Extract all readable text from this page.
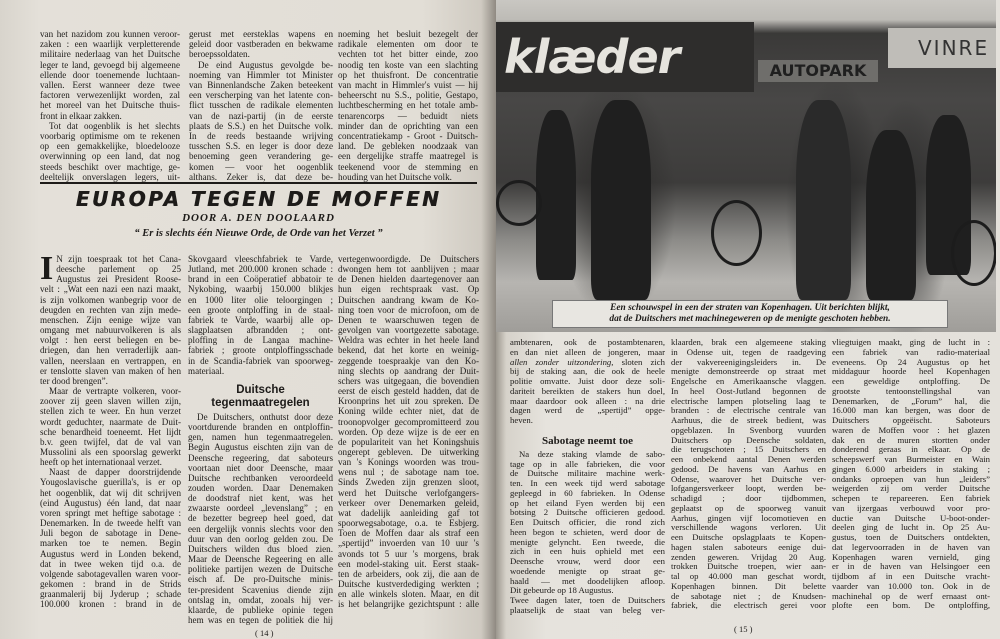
van het nazidom zou kunnen veroor-
zaken : een waarlijk verpletterende
militaire nederlaag van het Duitsche
leger te land, gevoegd bij algemeene
ellende door toenemende luchtaan-
vallen. Eerst wanneer deze twee
factoren verwezenlijkt worden, zal
het moreel van het Duitsche thuis-
front in elkaar zakken.
Tot dat oogenblik is het slechts
voorbarig optimisme om te rekenen
op een gemakkelijke, bloedelooze
overwinning op een land, dat nog
steeds beschikt over machtige, ge-
deeltelijk onverslagen legers, uit-
gerust met eersteklas wapens en
geleid door vastberaden en bekwame
beroepssoldaten.
De eind Augustus gevolgde be-
noeming van Himmler tot Minister
van Binnenlandsche Zaken beteekent
een verscherping van het latente con-
flict tusschen de radikale elementen
van de nazi-partij (in de eerste
plaats de S.S.) en het Duitsche volk.
In de reeds bestaande wrijving
tusschen S.S. en leger is door deze
benoeming geen verandering ge-
komen — voor het oogenblik
althans. Zeker is, dat deze be-
noeming het besluit bezegelt der
radikale elementen om door te
vechten tot het bitter einde, zoo
noodig ten koste van een slachting
op het thuisfront. De concentratie
van macht in Himmler's vuist — hij
beheerscht nu S.S., politie, Gestapo,
luchtbescherming en het totale amb-
tenarencorps — beduidt niets
minder dan de oprichting van een
concentratiekamp - Groot - Duitsch-
land. De gebleken noodzaak van
een dergelijke straffe maatregel is
teekenend voor de stemming en
houding van het Duitsche volk.
EUROPA TEGEN DE MOFFEN
DOOR A. DEN DOOLAARD
“ Er is slechts één Nieuwe Orde, de Orde van het Verzet ”
I N zijn toespraak tot het Cana-
deesche parlement op 25
Augustus zei President Roose-
velt : „Wat een nazi een nazi maakt,
is zijn volkomen wanbegrip voor de
deugden en rechten van zijn mede-
menschen. Zijn eenige wijze van
omgang met nabuurvolkeren is als
volgt : hen eerst beliegen en be-
driegen, dan hen verraderlijk aan-
vallen, neerslaan en vertrappen, en
er tenslotte slaven van maken of hen
ter dood brengen”.
Maar de vertrapte volkeren, voor-
zoover zij geen slaven willen zijn,
stellen zich te weer. En hun verzet
wordt geduchter, naarmate de Duit-
sche benardheid toeneemt. Het lijdt
b.v. geen twijfel, dat de val van
Mussolini als een spoorslag gewerkt
heeft op het internationaal verzet.
Naast de dapper doorstrijdende
Yougoslavische guerilla's, is er op
het oogenblik, dat wij dit schrijven
(eind Augustus) één land, dat naar
voren springt met heftige sabotage :
Denemarken. In de tweede helft van
Juli begon de sabotage in Dene-
marken toe te nemen. Begin
Augustus werd in Londen bekend,
dat in twee weken tijd o.a. de
volgende sabotagevallen waren voor-
gekomen : brand in de Strids
graanmalerij bij Jyderup ; schade
100.000 kronen : brand in de
Skovgaard vleeschfabriek te Varde,
Jutland, met 200.000 kronen schade :
brand in een Coöperatief abbatoir te
Nykobing, waarbij 150.000 blikjes
en 1000 liter olie teloorgingen ;
een groote ontploffing in de staal-
fabriek te Varde, waarbij alle op-
slagplaatsen afbrandden ; ont-
ploffing in de Langaa machine-
fabriek ; groote ontploffingsschade
in de Scandia-fabriek van spoorweg-
materiaal.
Duitsche tegenmaatregelen
De Duitschers, onthutst door deze
voortdurende branden en ontploffin-
gen, namen hun tegenmaatregelen.
Begin Augustus eischten zijn van de
Deensche regeering, dat saboteurs
voortaan niet door Deensche, maar
Duitsche rechtbanken veroordeeld
zouden worden. Daar Denemaken
de doodstraf niet kent, was het
zwaarste oordeel „levenslang” ; en
de bezetter begreep heel goed, dat
een dergelijk vonnis slechts voor den
duur van den oorlog gelden zou. De
Duitschers wilden dus bloed zien.
Maar de Deensche Regeering en alle
politieke partijen wezen de Duitsche
eisch af. De pro-Duitsche minis-
ter-president Scavenius diende zijn
ontslag in, omdat, zooals hij ver-
klaarde, de publieke opinie tegen
hem was en tegen de politiek die hij
vertegenwoordigde. De Duitschers
dwongen hem tot aanblijven ; maar
de Denen hielden daartegenover aan
hun eigen rechtspraak vast. Op
Duitschen aandrang kwam de Ko-
ning toen voor de microfoon, om de
Denen te waarschuwen tegen de
gevolgen van voortgezette sabotage.
Weldra was echter in het heele land
bekend, dat het korte en weinig-
zeggende toespraakje van den Ko-
ning slechts op aandrang der Duit-
schers was uitgegaan, die bovendien
eerst de eisch gesteld hadden, dat de
Kroonprins het uit zou spreken. De
Koning wilde echter niet, dat de
troonopvolger gecompromitteerd zou
worden. Op deze wijze is de eer en
de populariteit van het Koningshuis
ongerept gebleven. De uitwerking
van 's Konings woorden was trou-
wens nul ; de sabotage nam toe.
Sinds Zweden zijn grenzen sloot,
werd het Duitsche verlofgangers-
verkeer over Denemarken geleid,
wat dadelijk aanleiding gaf tot
spoorwegsabotage, o.a. te Esbjerg.
Toen de Moffen daar als straf een
„spertijd” invoerden van 10 uur 's
avonds tot 5 uur 's morgens, brak
een model-staking uit. Eerst staak-
ten de arbeiders, ook zij, die aan de
Duitsche kustverdediging werkten ;
en alle winkels sloten. Maar, en dit
is het belangrijke gezichtspunt : alle
( 14 )
klæder	AUTOPARK
VINRE
Een schouwspel in een der straten van Kopenhagen. Uit berichten blijkt,
dat de Duitschers met machinegeweren op de menigte geschoten hebben.
ambtenaren, ook de postambtenaren,
en dan niet alleen de jongeren, maar
allen zonder uitzondering, sloten zich
bij de staking aan, die ook de heele
politie omvatte. Juist door deze soli-
dariteit bereikten de stakers hun doel,
maar daardoor ook alleen : na drie
dagen werd de „spertijd” opge-
heven.
Sabotage neemt toe
Na deze staking vlamde de sabo-
tage op in alle fabrieken, die voor
de Duitsche militaire machine werk-
ten. In een week tijd werd sabotage
gepleegd in 60 fabrieken. In Odense
op het eiland Fyen werden bij een
botsing 2 Duitsche officieren gedood.
Een Duitsch officier, die rond zich
heen begon te schieten, werd door de
menigte gelyncht. Een tweede, die
zich in een huis ophield met een
Deensche vrouw, werd door een
woedende menigte op straat ge-
haald — met doodelijken afloop.
Dit gebeurde op 18 Augustus.
Twee dagen later, toen de Duitschers
plaatselijk de staat van beleg ver-
klaarden, brak een algemeene staking
in Odense uit, tegen de raadgeving
der vakvereenigingsleiders in. De
menigte demonstreerde op straat met
Engelsche en Amerikaansche vlaggen.
In heel Oost-Jutland begonnen de
electrische lampen plotseling laag te
branden : de electrische centrale van
Aarhuus, die de streek bedient, was
opgeblazen. In Svenborg vuurden
Duitschers op Deensche soldaten,
die terugschoten ; 15 Duitschers en
een onbekend aantal Denen werden
gedood. De havens van Aarhus en
Odense, waarover het Duitsche ver-
lofgangersverkeer loopt, werden be-
schadigd ; door tijdbommen,
geplaatst op de spoorweg vanuit
Aarhus, gingen vijf locomotieven en
verschillende wagons verloren. Uit
een Duitsche opslagplaats te Kopen-
hagen stalen saboteurs eenige dui-
zenden geweren. Vrijdag 20 Aug.
trokken Duitsche troepen, wier aan-
tal op 40.000 man geschat wordt,
Kopenhagen binnen. Dit belette
de sabotage niet ; de Knudsen-
fabriek, die electrisch gerei voor
vliegtuigen maakt, ging de lucht in :
een fabriek van radio-materiaal
eveneens. Op 24 Augustus op het
middaguur hoorde heel Kopenhagen
een geweldige ontploffing. De
grootste tentoonstellingshal van
Denemarken, de „Forum” hal, die
16.000 man kan bergen, was door de
Duitschers opgeëischt. Saboteurs
waren de Moffen voor : het glazen
dak en de muren stortten onder
donderend geraas in elkaar. Op de
scheepswerf van Burmeister en Wain
gingen 6.000 arbeiders in staking ;
ondanks oproepen van hun „leiders”
weigerden zij om verder Duitsche
schepen te repareeren. Een fabriek
van ijzergaas verbouwd voor pro-
ductie van Duitsche U-boot-onder-
deelen ging de lucht in. Op 25 Au-
gustus, toen de Duitschers ontdekten,
dat legervoorraden in de haven van
Kopenhagen waren vernield, ging
er in de haven van Helsingoer een
tijdbom af in een Duitsche vracht-
vaarder van 10.000 ton. Ook in de
machinehal op de werf ernaast ont-
plofte een bom. De ontploffing,
( 15 )
